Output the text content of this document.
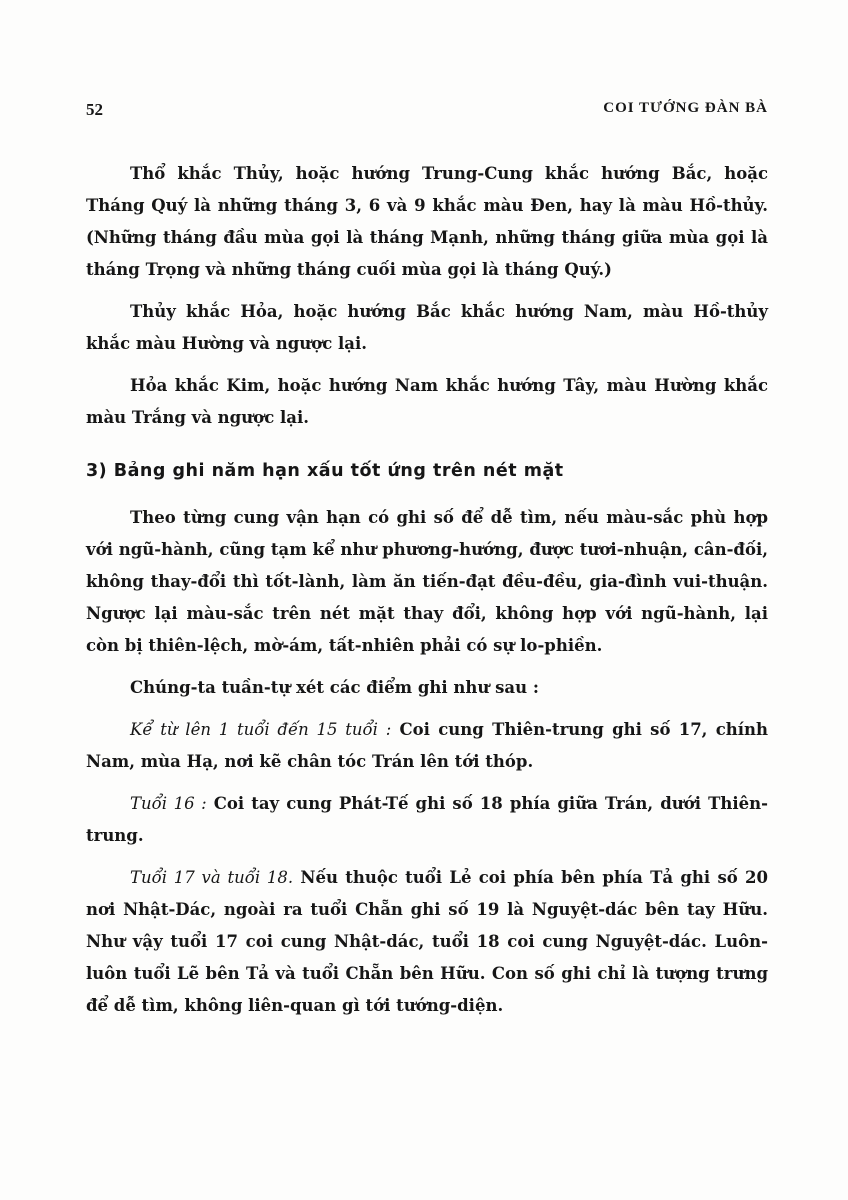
52	COI TƯỚNG ĐÀN BÀ

Thổ khắc Thủy, hoặc hướng Trung-Cung khắc hướng Bắc, hoặc Tháng Quý là những tháng 3, 6 và 9 khắc màu Đen, hay là màu Hồ-thủy. (Những tháng đầu mùa gọi là tháng Mạnh, những tháng giữa mùa gọi là tháng Trọng và những tháng cuối mùa gọi là tháng Quý.)

Thủy khắc Hỏa, hoặc hướng Bắc khắc hướng Nam, màu Hồ-thủy khắc màu Hường và ngược lại.

Hỏa khắc Kim, hoặc hướng Nam khắc hướng Tây, màu Hường khắc màu Trắng và ngược lại.

3) Bảng ghi năm hạn xấu tốt ứng trên nét mặt

Theo từng cung vận hạn có ghi số để dễ tìm, nếu màu-sắc phù hợp với ngũ-hành, cũng tạm kể như phương-hướng, được tươi-nhuận, cân-đối, không thay-đổi thì tốt-lành, làm ăn tiến-đạt đều-đều, gia-đình vui-thuận. Ngược lại màu-sắc trên nét mặt thay đổi, không hợp với ngũ-hành, lại còn bị thiên-lệch, mờ-ám, tất-nhiên phải có sự lo-phiền.

Chúng-ta tuần-tự xét các điểm ghi như sau :

Kể từ lên 1 tuổi đến 15 tuổi : Coi cung Thiên-trung ghi số 17, chính Nam, mùa Hạ, nơi kẽ chân tóc Trán lên tới thóp.

Tuổi 16 : Coi tay cung Phát-Tế ghi số 18 phía giữa Trán, dưới Thiên-trung.

Tuổi 17 và tuổi 18. Nếu thuộc tuổi Lẻ coi phía bên phía Tả ghi số 20 nơi Nhật-Dác, ngoài ra tuổi Chẵn ghi số 19 là Nguyệt-dác bên tay Hữu. Như vậy tuổi 17 coi cung Nhật-dác, tuổi 18 coi cung Nguyệt-dác. Luôn-luôn tuổi Lẽ bên Tả và tuổi Chẵn bên Hữu. Con số ghi chỉ là tượng trưng để dễ tìm, không liên-quan gì tới tướng-diện.
